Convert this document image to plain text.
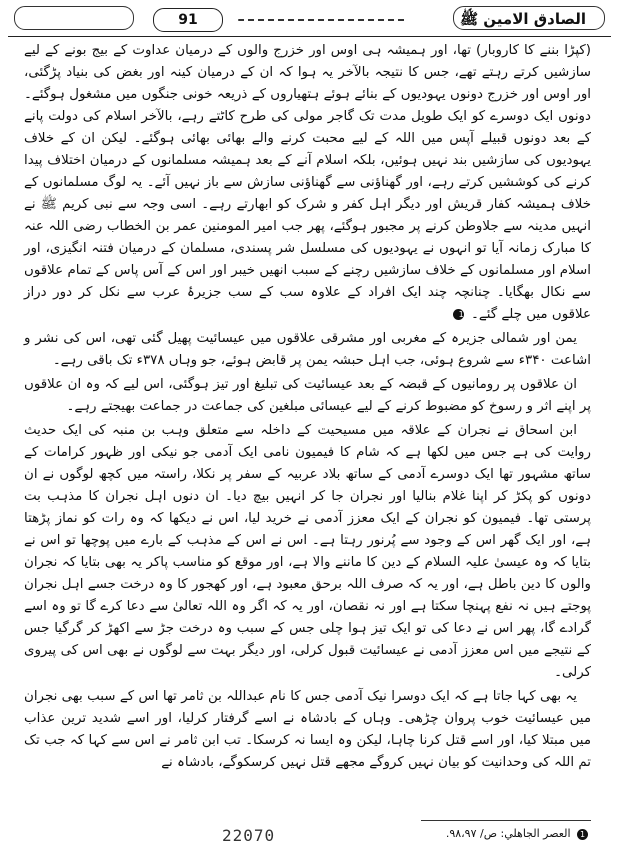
91	الصادق الامین ﷺ

(کپڑا بننے کا کاروبار) تھا، اور ہمیشہ ہی اوس اور خزرج والوں کے درمیان عداوت کے بیج بونے کے لیے سازشیں کرتے رہتے تھے، جس کا نتیجہ بالآخر یہ ہوا کہ ان کے درمیان کینہ اور بغض کی بنیاد پڑگئی، اور اوس اور خزرج دونوں یہودیوں کے بنائے ہوئے ہتھیاروں کے ذریعہ خونی جنگوں میں مشغول ہوگئے۔ دونوں ایک دوسرے کو ایک طویل مدت تک گاجر مولی کی طرح کاٹتے رہے، بالآخر اسلام کی دولت پانے کے بعد دونوں قبیلے آپس میں اللہ کے لیے محبت کرنے والے بھائی بھائی ہوگئے۔ لیکن ان کے خلاف یہودیوں کی سازشیں بند نہیں ہوئیں، بلکہ اسلام آنے کے بعد ہمیشہ مسلمانوں کے درمیان اختلاف پیدا کرنے کی کوششیں کرتے رہے، اور گھناؤنی سے گھناؤنی سازش سے باز نہیں آئے۔ یہ لوگ مسلمانوں کے خلاف ہمیشہ کفار قریش اور دیگر اہل کفر و شرک کو ابھارتے رہے۔ اسی وجہ سے نبی کریم ﷺ نے انہیں مدینہ سے جلاوطن کرنے پر مجبور ہوگئے، پھر جب امیر المومنین عمر بن الخطاب رضی اللہ عنہ کا مبارک زمانہ آیا تو انہوں نے یہودیوں کی مسلسل شر پسندی، مسلمان کے درمیان فتنہ انگیزی، اور اسلام اور مسلمانوں کے خلاف سازشیں رچنے کے سبب انھیں خیبر اور اس کے آس پاس کے تمام علاقوں سے نکال بھگایا۔ چنانچہ چند ایک افراد کے علاوہ سب کے سب جزیرۂ عرب سے نکل کر دور دراز علاقوں میں چلے گئے۔ 1

یمن اور شمالی جزیرہ کے مغربی اور مشرقی علاقوں میں عیسائیت پھیل گئی تھی، اس کی نشر و اشاعت ۳۴۰ء سے شروع ہوئی، جب اہل حبشہ یمن پر قابض ہوئے، جو وہاں ۳۷۸ء تک باقی رہے۔

ان علاقوں پر رومانیوں کے قبضہ کے بعد عیسائیت کی تبلیغ اور تیز ہوگئی، اس لیے کہ وہ ان علاقوں پر اپنے اثر و رسوخ کو مضبوط کرنے کے لیے عیسائی مبلغین کی جماعت در جماعت بھیجتے رہے۔

ابن اسحاق نے نجران کے علاقہ میں مسیحیت کے داخلہ سے متعلق وہب بن منبہ کی ایک حدیث روایت کی ہے جس میں لکھا ہے کہ شام کا فیمیون نامی ایک آدمی جو نیکی اور ظہور کرامات کے ساتھ مشہور تھا ایک دوسرے آدمی کے ساتھ بلاد عربیہ کے سفر پر نکلا، راستہ میں کچھ لوگوں نے ان دونوں کو پکڑ کر اپنا غلام بنالیا اور نجران جا کر انہیں بیچ دیا۔ ان دنوں اہل نجران کا مذہب بت پرستی تھا۔ فیمیون کو نجران کے ایک معزز آدمی نے خرید لیا، اس نے دیکھا کہ وہ رات کو نماز پڑھتا ہے، اور ایک گھر اس کے وجود سے پُرنور رہتا ہے۔ اس نے اس کے مذہب کے بارے میں پوچھا تو اس نے بتایا کہ وہ عیسیٰ علیہ السلام کے دین کا ماننے والا ہے، اور موقع کو مناسب پاکر یہ بھی بتایا کہ نجران والوں کا دین باطل ہے، اور یہ کہ صرف اللہ برحق معبود ہے، اور کھجور کا وہ درخت جسے اہل نجران پوجتے ہیں نہ نفع پہنچا سکتا ہے اور نہ نقصان، اور یہ کہ اگر وہ اللہ تعالیٰ سے دعا کرے گا تو وہ اسے گرادے گا، پھر اس نے دعا کی تو ایک تیز ہوا چلی جس کے سبب وہ درخت جڑ سے اکھڑ کر گرگیا جس کے نتیجے میں اس معزز آدمی نے عیسائیت قبول کرلی، اور دیگر بہت سے لوگوں نے بھی اس کی پیروی کرلی۔

یہ بھی کہا جاتا ہے کہ ایک دوسرا نیک آدمی جس کا نام عبداللہ بن ثامر تھا اس کے سبب بھی نجران میں عیسائیت خوب پروان چڑھی۔ وہاں کے بادشاہ نے اسے گرفتار کرلیا، اور اسے شدید ترین عذاب میں مبتلا کیا، اور اسے قتل کرنا چاہا، لیکن وہ ایسا نہ کرسکا۔ تب ابن ثامر نے اس سے کہا کہ جب تک تم اللہ کی وحدانیت کو بیان نہیں کروگے مجھے قتل نہیں کرسکوگے، بادشاہ نے

1 العصر الجاهلي: ص/ ۹۸،۹۷.
22070
